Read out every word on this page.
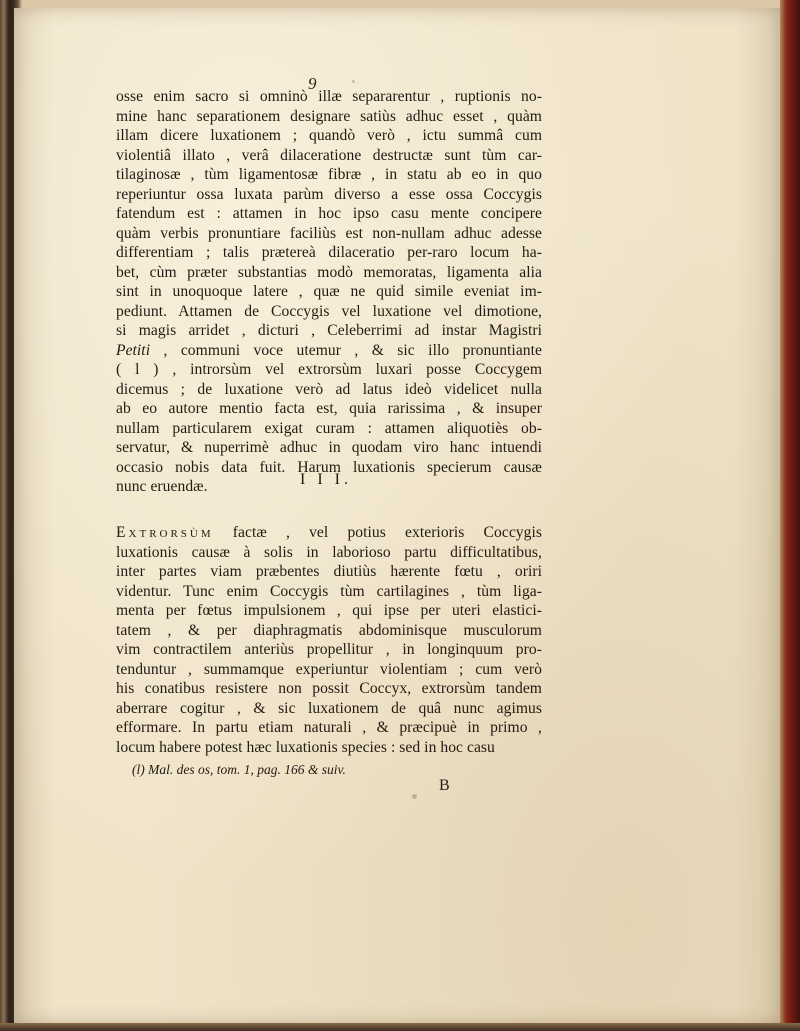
9
osse enim sacro si omninò illæ separarentur , ruptionis no-
mine hanc separationem designare satiùs adhuc esset , quàm
illam dicere luxationem ; quandò verò , ictu summâ cum
violentiâ illato , verâ dilaceratione destructæ sunt tùm car-
tilaginosæ , tùm ligamentosæ fibræ , in statu ab eo in quo
reperiuntur ossa luxata parùm diverso a esse ossa Coccygis
fatendum est : attamen in hoc ipso casu mente concipere
quàm verbis pronuntiare faciliùs est non-nullam adhuc adesse
differentiam ; talis prætereà dilaceratio per-raro locum ha-
bet, cùm præter substantias modò memoratas, ligamenta alia
sint in unoquoque latere , quæ ne quid simile eveniat im-
pediunt. Attamen de Coccygis vel luxatione vel dimotione,
si magis arridet , dicturi , Celeberrimi ad instar Magistri
Petiti , communi voce utemur , & sic illo pronuntiante
( l ) , introrsùm vel extrorsùm luxari posse Coccygem
dicemus ; de luxatione verò ad latus ideò videlicet nulla
ab eo autore mentio facta est, quia rarissima , & insuper
nullam particularem exigat curam : attamen aliquotiès ob-
servatur, & nuperrimè adhuc in quodam viro hanc intuendi
occasio nobis data fuit. Harum luxationis specierum causæ
nunc eruendæ.	I I I.
Extrorsùm factæ , vel potius exterioris Coccygis
luxationis causæ à solis in laborioso partu difficultatibus,
inter partes viam præbentes diutiùs hærente fœtu , oriri
videntur. Tunc enim Coccygis tùm cartilagines , tùm liga-
menta per fœtus impulsionem , qui ipse per uteri elastici-
tatem , & per diaphragmatis abdominisque musculorum
vim contractilem anteriùs propellitur , in longinquum pro-
tenduntur , summamque experiuntur violentiam ; cum verò
his conatibus resistere non possit Coccyx, extrorsùm tandem
aberrare cogitur , & sic luxationem de quâ nunc agimus
efformare. In partu etiam naturali , & præcipuè in primo ,
locum habere potest hæc luxationis species : sed in hoc casu
(l) Mal. des os, tom. 1, pag. 166 & suiv.
B
